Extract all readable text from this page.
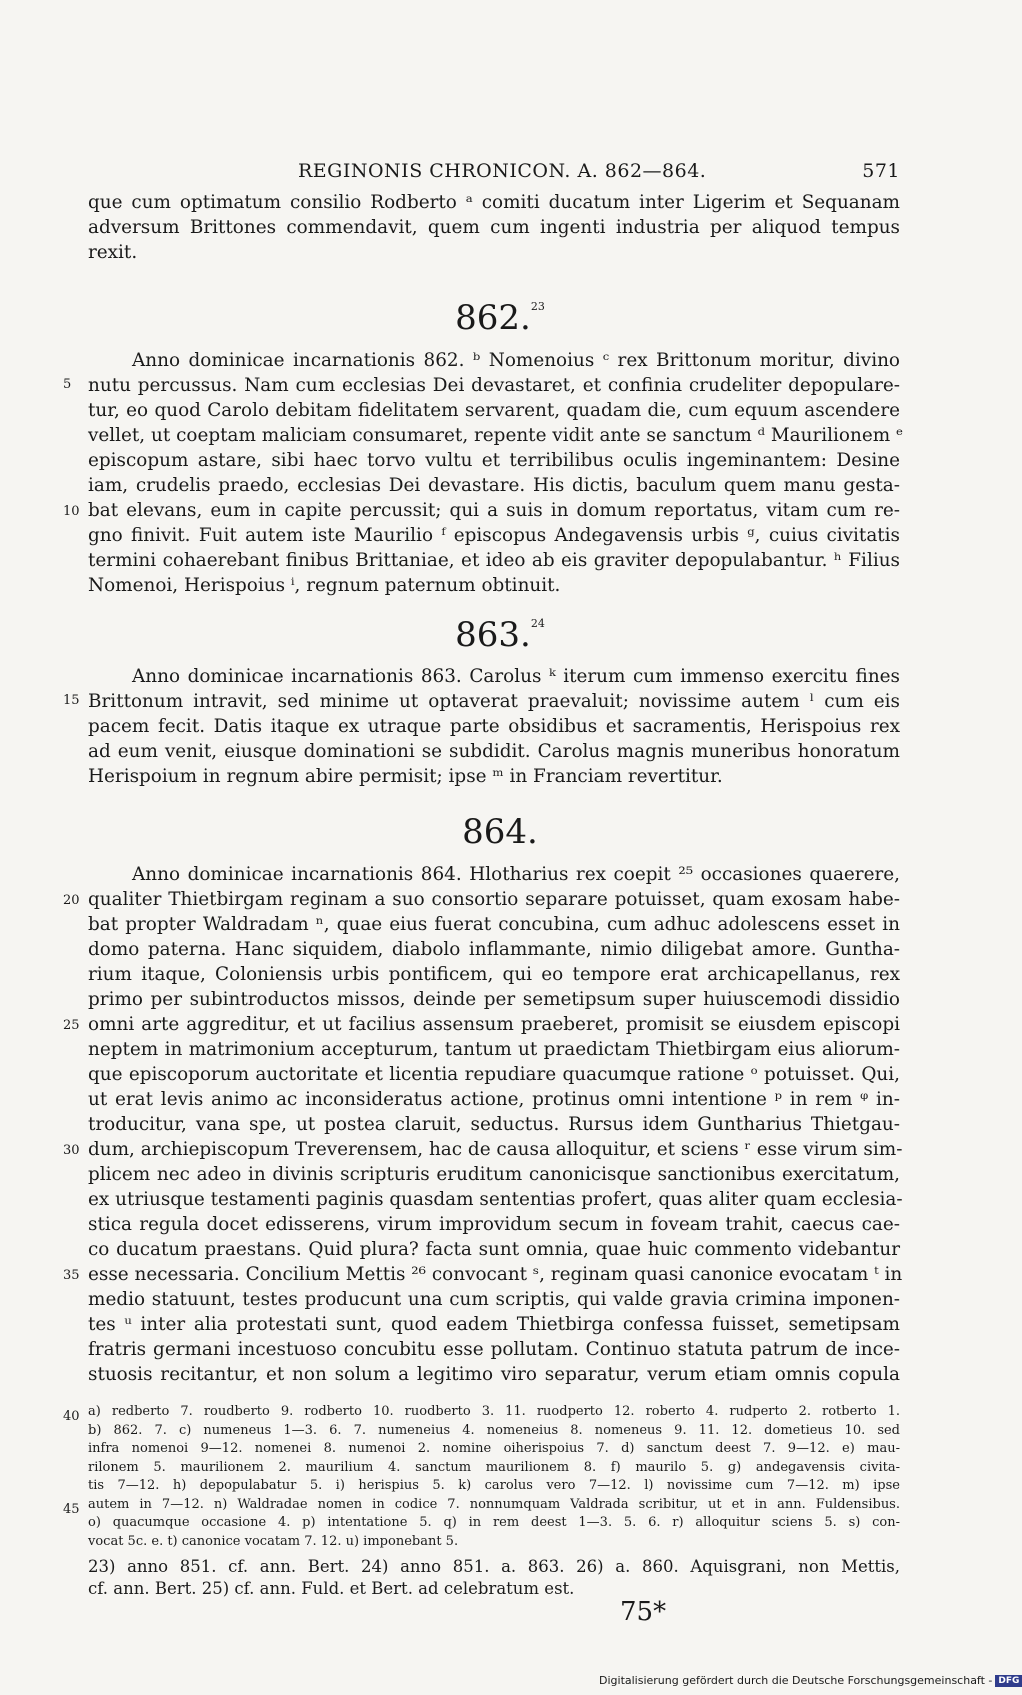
REGINONIS CHRONICON. A. 862—864.	571
que cum optimatum consilio Rodberto ᵃ comiti ducatum inter Ligerim et Sequanam
adversum Brittones commendavit, quem cum ingenti industria per aliquod tempus
rexit.
862.23
Anno dominicae incarnationis 862. ᵇ Nomenoius ᶜ rex Brittonum moritur, divino
nutu percussus. Nam cum ecclesias Dei devastaret, et confinia crudeliter depopulare-
tur, eo quod Carolo debitam fidelitatem servarent, quadam die, cum equum ascendere
vellet, ut coeptam maliciam consumaret, repente vidit ante se sanctum ᵈ Maurilionem ᵉ
episcopum astare, sibi haec torvo vultu et terribilibus oculis ingeminantem: Desine
iam, crudelis praedo, ecclesias Dei devastare. His dictis, baculum quem manu gesta-
bat elevans, eum in capite percussit; qui a suis in domum reportatus, vitam cum re-
gno finivit. Fuit autem iste Maurilio ᶠ episcopus Andegavensis urbis ᵍ, cuius civitatis
termini cohaerebant finibus Brittaniae, et ideo ab eis graviter depopulabantur. ʰ Filius
Nomenoi, Herispoius ⁱ, regnum paternum obtinuit.
863.24
Anno dominicae incarnationis 863. Carolus ᵏ iterum cum immenso exercitu fines
Brittonum intravit, sed minime ut optaverat praevaluit; novissime autem ˡ cum eis
pacem fecit. Datis itaque ex utraque parte obsidibus et sacramentis, Herispoius rex
ad eum venit, eiusque dominationi se subdidit. Carolus magnis muneribus honoratum
Herispoium in regnum abire permisit; ipse ᵐ in Franciam revertitur.
864.
Anno dominicae incarnationis 864. Hlotharius rex coepit ²⁵ occasiones quaerere,
qualiter Thietbirgam reginam a suo consortio separare potuisset, quam exosam habe-
bat propter Waldradam ⁿ, quae eius fuerat concubina, cum adhuc adolescens esset in
domo paterna. Hanc siquidem, diabolo inflammante, nimio diligebat amore. Guntha-
rium itaque, Coloniensis urbis pontificem, qui eo tempore erat archicapellanus, rex
primo per subintroductos missos, deinde per semetipsum super huiuscemodi dissidio
omni arte aggreditur, et ut facilius assensum praeberet, promisit se eiusdem episcopi
neptem in matrimonium accepturum, tantum ut praedictam Thietbirgam eius aliorum-
que episcoporum auctoritate et licentia repudiare quacumque ratione ᵒ potuisset. Qui,
ut erat levis animo ac inconsideratus actione, protinus omni intentione ᵖ in rem ᵠ in-
troducitur, vana spe, ut postea claruit, seductus. Rursus idem Guntharius Thietgau-
dum, archiepiscopum Treverensem, hac de causa alloquitur, et sciens ʳ esse virum sim-
plicem nec adeo in divinis scripturis eruditum canonicisque sanctionibus exercitatum,
ex utriusque testamenti paginis quasdam sententias profert, quas aliter quam ecclesia-
stica regula docet edisserens, virum improvidum secum in foveam trahit, caecus cae-
co ducatum praestans. Quid plura? facta sunt omnia, quae huic commento videbantur
esse necessaria. Concilium Mettis ²⁶ convocant ˢ, reginam quasi canonice evocatam ᵗ in
medio statuunt, testes producunt una cum scriptis, qui valde gravia crimina imponen-
tes ᵘ inter alia protestati sunt, quod eadem Thietbirga confessa fuisset, semetipsam
fratris germani incestuoso concubitu esse pollutam. Continuo statuta patrum de ince-
stuosis recitantur, et non solum a legitimo viro separatur, verum etiam omnis copula
5
10
15
20
25
30
35
40
45
a) redberto 7. roudberto 9. rodberto 10. ruodberto 3. 11. ruodperto 12. roberto 4. rudperto 2. rotberto 1.
b) 862. 7. c) numeneus 1—3. 6. 7. numeneius 4. nomeneius 8. nomeneus 9. 11. 12. dometieus 10. sed
infra nomenoi 9—12. nomenei 8. numenoi 2. nomine oiherispoius 7. d) sanctum deest 7. 9—12. e) mau-
rilonem 5. maurilionem 2. maurilium 4. sanctum maurilionem 8. f) maurilo 5. g) andegavensis civita-
tis 7—12. h) depopulabatur 5. i) herispius 5. k) carolus vero 7—12. l) novissime cum 7—12. m) ipse
autem in 7—12. n) Waldradae nomen in codice 7. nonnumquam Valdrada scribitur, ut et in ann. Fuldensibus.
o) quacumque occasione 4. p) intentatione 5. q) in rem deest 1—3. 5. 6. r) alloquitur sciens 5. s) con-
vocat 5c. e. t) canonice vocatam 7. 12. u) imponebant 5.
23) anno 851. cf. ann. Bert. 24) anno 851. a. 863. 26) a. 860. Aquisgrani, non Mettis,
cf. ann. Bert. 25) cf. ann. Fuld. et Bert. ad celebratum est.
75*
Digitalisierung gefördert durch die Deutsche Forschungsgemeinschaft - DFG
